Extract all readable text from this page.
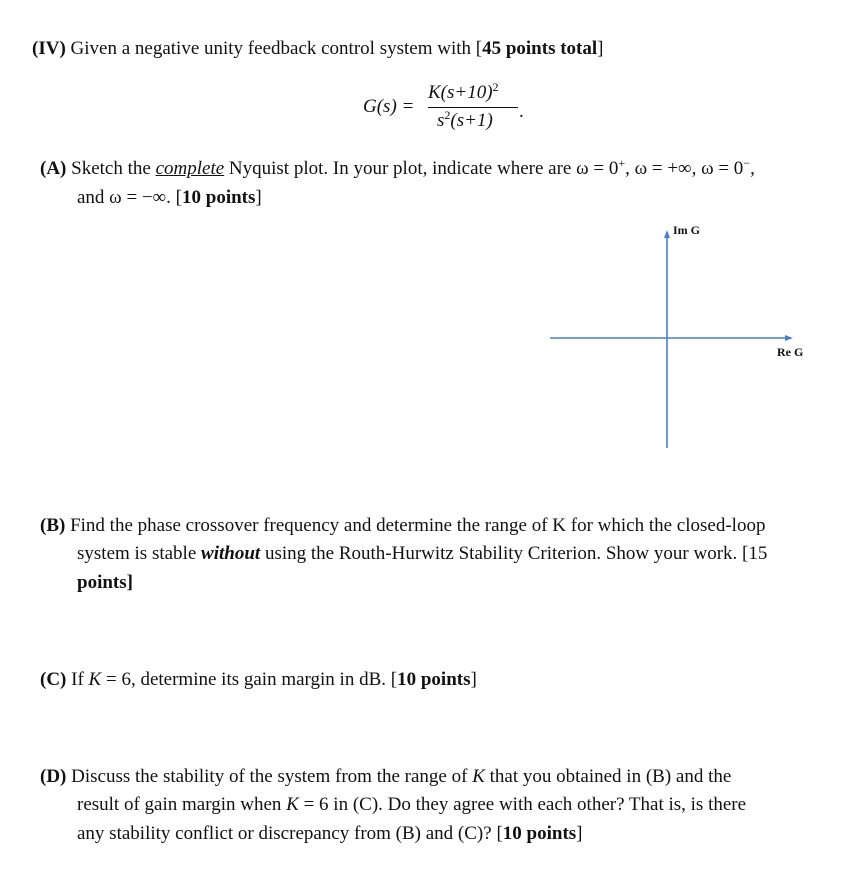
(IV) Given a negative unity feedback control system with [45 points total]
G(s) =
$K(s+10)^2$
$s^2(s+1)$ .
(A) Sketch the complete Nyquist plot. In your plot, indicate where are ω = 0+, ω = +∞, ω = 0−,
and ω = −∞. [10 points]
Im G
Re G
(B) Find the phase crossover frequency and determine the range of K for which the closed-loop
system is stable without using the Routh-Hurwitz Stability Criterion. Show your work. [15
points]
(C) If K = 6, determine its gain margin in dB. [10 points]
(D) Discuss the stability of the system from the range of K that you obtained in (B) and the
result of gain margin when K = 6 in (C). Do they agree with each other? That is, is there
any stability conflict or discrepancy from (B) and (C)? [10 points]
